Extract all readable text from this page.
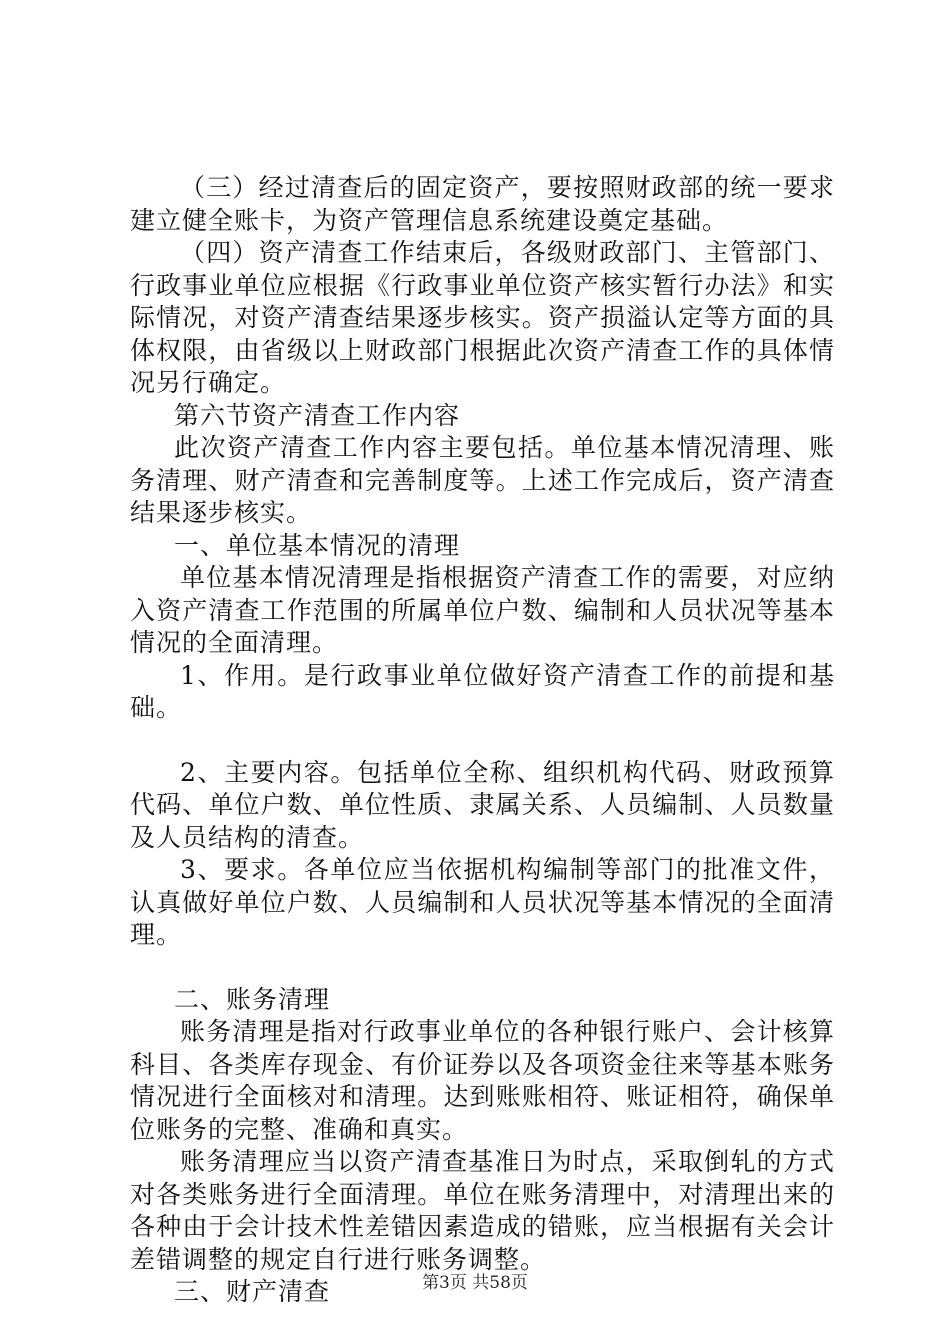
（三）经过清查后的固定资产，要按照财政部的统一要求建立健全账卡，为资产管理信息系统建设奠定基础。

（四）资产清查工作结束后，各级财政部门、主管部门、行政事业单位应根据《行政事业单位资产核实暂行办法》和实际情况，对资产清查结果逐步核实。资产损溢认定等方面的具体权限，由省级以上财政部门根据此次资产清查工作的具体情况另行确定。

第六节资产清查工作内容

此次资产清查工作内容主要包括。单位基本情况清理、账务清理、财产清查和完善制度等。上述工作完成后，资产清查结果逐步核实。

一、单位基本情况的清理

单位基本情况清理是指根据资产清查工作的需要，对应纳入资产清查工作范围的所属单位户数、编制和人员状况等基本情况的全面清理。

1、作用。是行政事业单位做好资产清查工作的前提和基础。

2、主要内容。包括单位全称、组织机构代码、财政预算代码、单位户数、单位性质、隶属关系、人员编制、人员数量及人员结构的清查。

3、要求。各单位应当依据机构编制等部门的批准文件，认真做好单位户数、人员编制和人员状况等基本情况的全面清理。

二、账务清理

账务清理是指对行政事业单位的各种银行账户、会计核算科目、各类库存现金、有价证券以及各项资金往来等基本账务情况进行全面核对和清理。达到账账相符、账证相符，确保单位账务的完整、准确和真实。

账务清理应当以资产清查基准日为时点，采取倒轧的方式对各类账务进行全面清理。单位在账务清理中，对清理出来的各种由于会计技术性差错因素造成的错账，应当根据有关会计差错调整的规定自行进行账务调整。

三、财产清查	第3页 共58页
